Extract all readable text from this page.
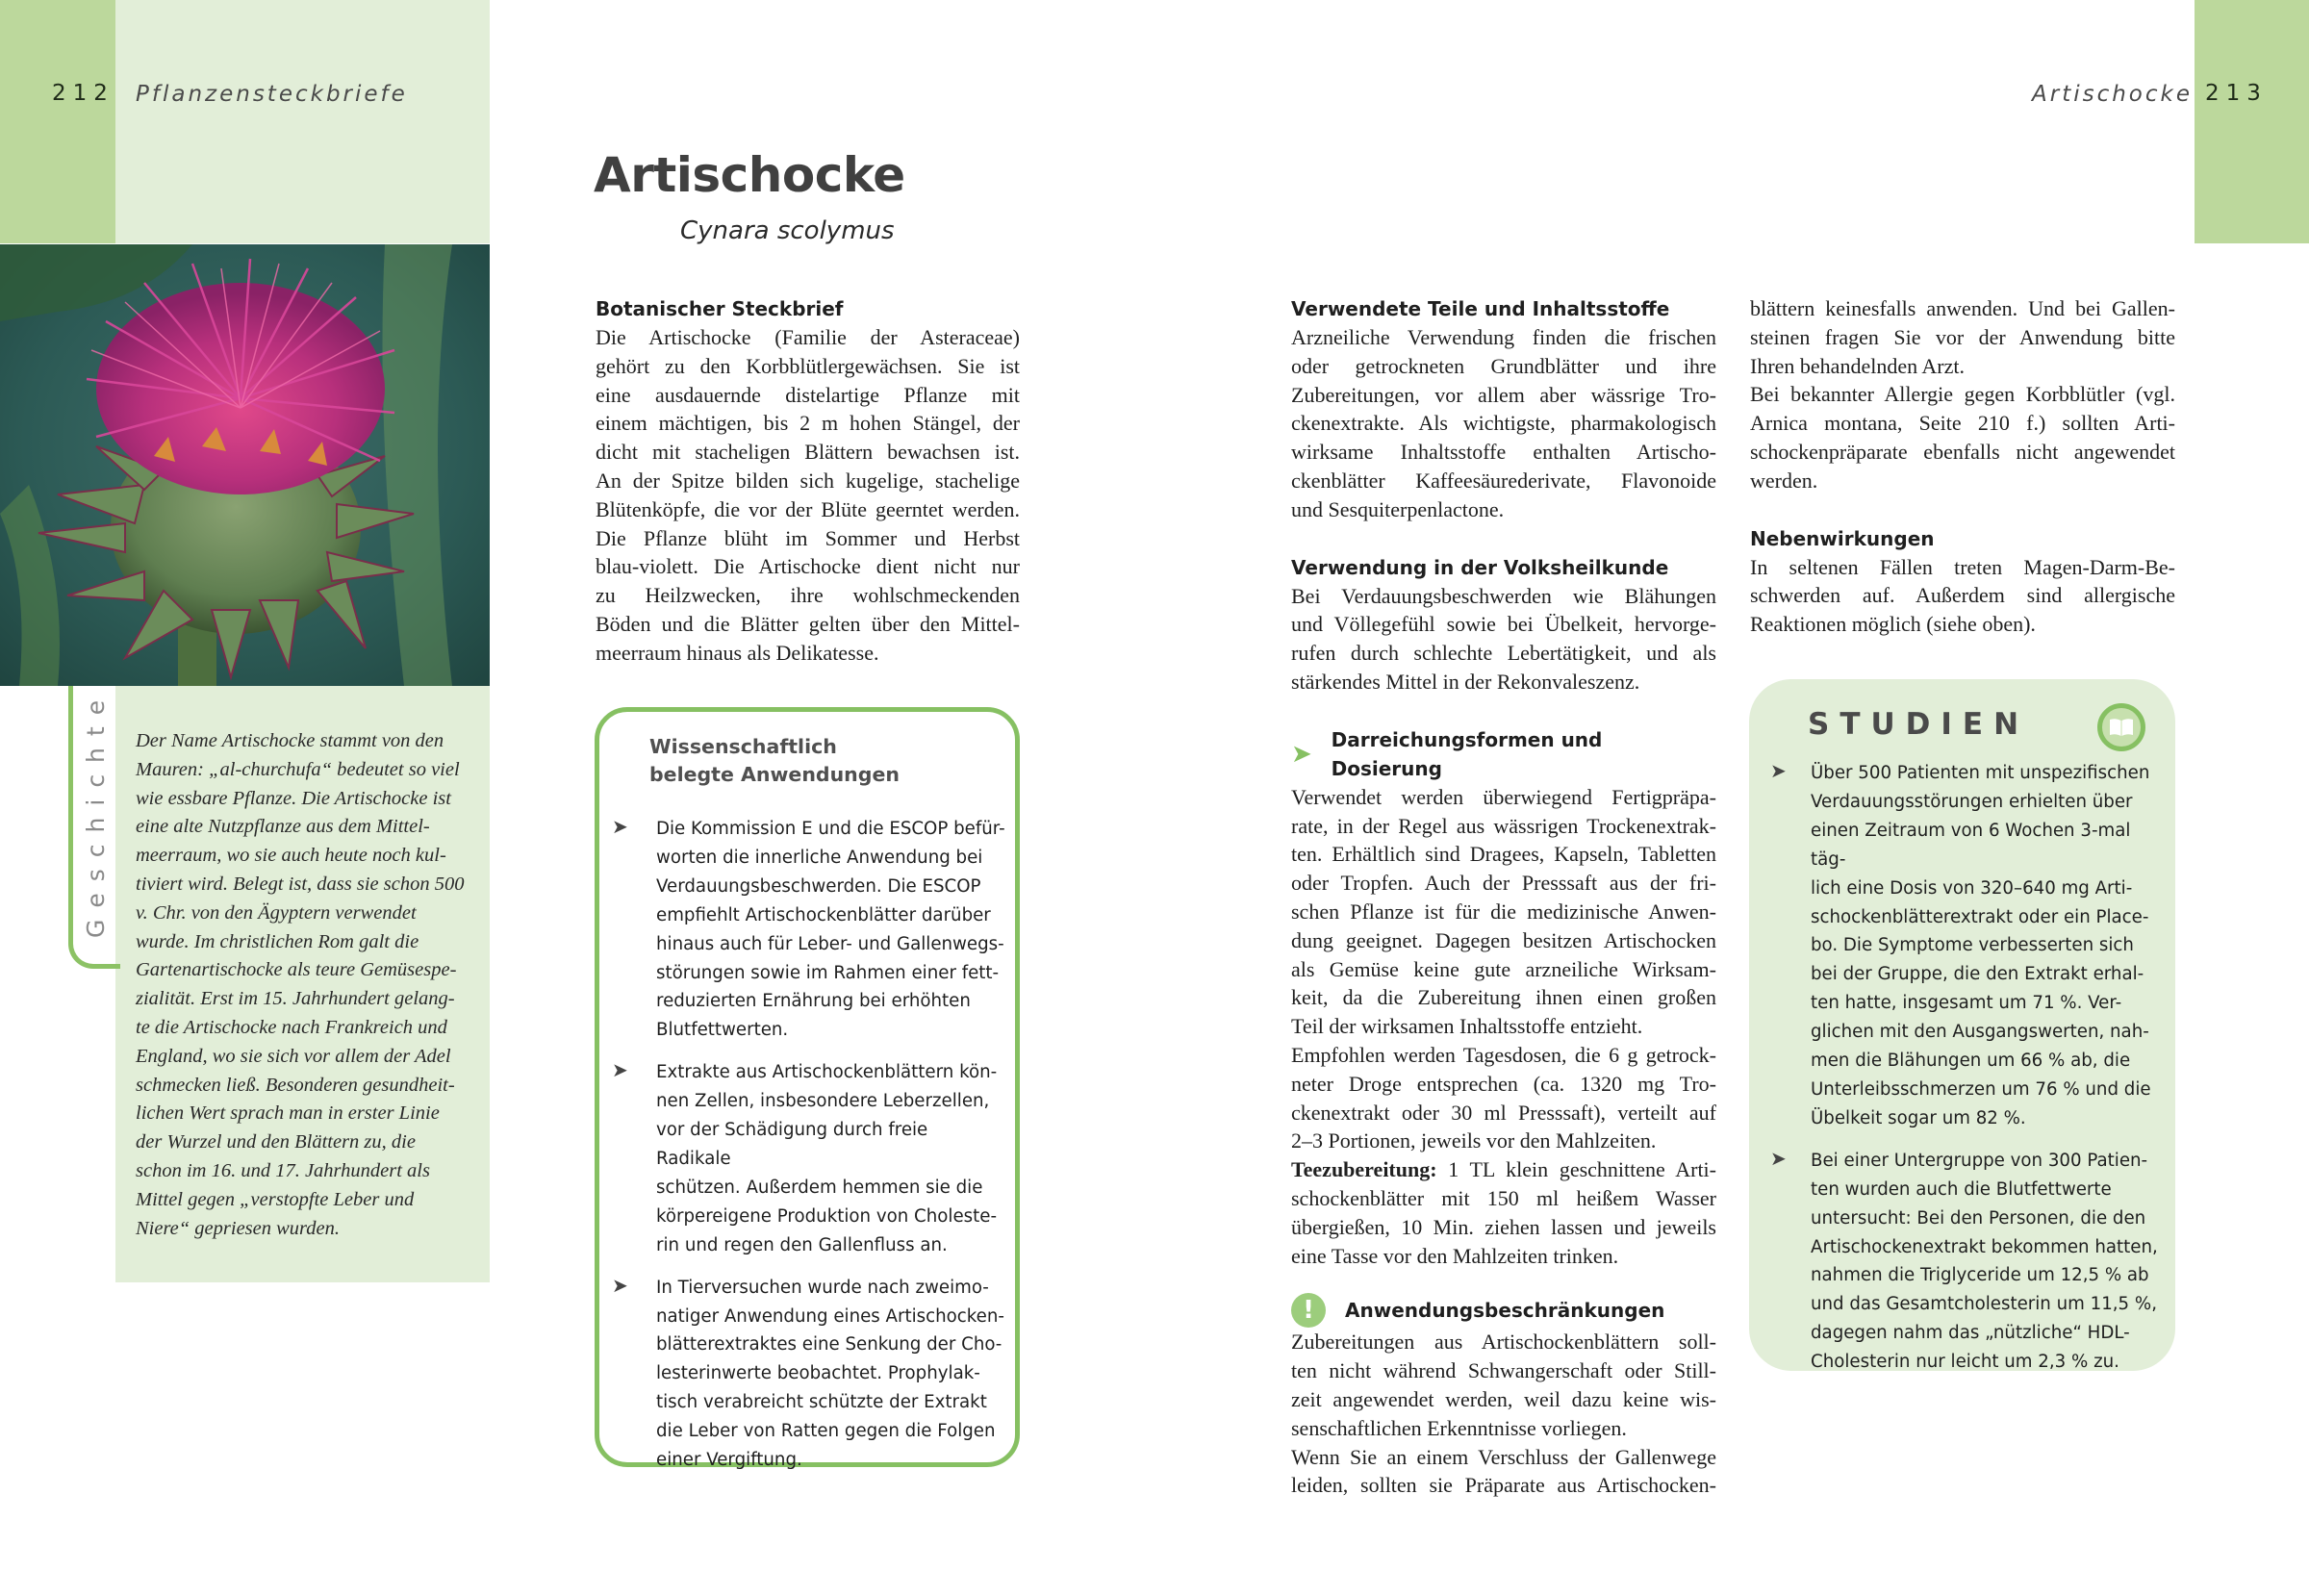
212 Pflanzensteckbriefe	Artischocke 213
Geschichte Der Name Artischocke stammt von den
Mauren: „al-churchufa“ bedeutet so viel
wie essbare Pflanze. Die Artischocke ist
eine alte Nutzpflanze aus dem Mittel-
meerraum, wo sie auch heute noch kul-
tiviert wird. Belegt ist, dass sie schon 500
v. Chr. von den Ägyptern verwendet
wurde. Im christlichen Rom galt die
Gartenartischocke als teure Gemüsespe-
zialität. Erst im 15. Jahrhundert gelang-
te die Artischocke nach Frankreich und
England, wo sie sich vor allem der Adel
schmecken ließ. Besonderen gesundheit-
lichen Wert sprach man in erster Linie
der Wurzel und den Blättern zu, die
schon im 16. und 17. Jahrhundert als
Mittel gegen „verstopfte Leber und
Niere“ gepriesen wurden.
Artischocke
Cynara scolymus
Botanischer Steckbrief
Die Artischocke (Familie der Asteraceae)
gehört zu den Korbblütlergewächsen. Sie ist
eine ausdauernde distelartige Pflanze mit
einem mächtigen, bis 2 m hohen Stängel, der
dicht mit stacheligen Blättern bewachsen ist.
An der Spitze bilden sich kugelige, stachelige
Blütenköpfe, die vor der Blüte geerntet werden.
Die Pflanze blüht im Sommer und Herbst
blau-violett. Die Artischocke dient nicht nur
zu Heilzwecken, ihre wohlschmeckenden
Böden und die Blätter gelten über den Mittel-
meerraum hinaus als Delikatesse.
Wissenschaftlich
belegte Anwendungen
➤ Die Kommission E und die ESCOP befür-
worten die innerliche Anwendung bei
Verdauungsbeschwerden. Die ESCOP
empfiehlt Artischockenblätter darüber
hinaus auch für Leber- und Gallenwegs-
störungen sowie im Rahmen einer fett-
reduzierten Ernährung bei erhöhten
Blutfettwerten.
➤ Extrakte aus Artischockenblättern kön-
nen Zellen, insbesondere Leberzellen,
vor der Schädigung durch freie Radikale
schützen. Außerdem hemmen sie die
körpereigene Produktion von Choleste-
rin und regen den Gallenfluss an.
➤ In Tierversuchen wurde nach zweimo-
natiger Anwendung eines Artischocken-
blätterextraktes eine Senkung der Cho-
lesterinwerte beobachtet. Prophylak-
tisch verabreicht schützte der Extrakt
die Leber von Ratten gegen die Folgen
einer Vergiftung.
Verwendete Teile und Inhaltsstoffe
Arzneiliche Verwendung finden die frischen
oder getrockneten Grundblätter und ihre
Zubereitungen, vor allem aber wässrige Tro-
ckenextrakte. Als wichtigste, pharmakologisch
wirksame Inhaltsstoffe enthalten Artischo-
ckenblätter Kaffeesäurederivate, Flavonoide
und Sesquiterpenlactone.
Verwendung in der Volksheilkunde
Bei Verdauungsbeschwerden wie Blähungen
und Völlegefühl sowie bei Übelkeit, hervorge-
rufen durch schlechte Lebertätigkeit, und als
stärkendes Mittel in der Rekonvaleszenz.
➤ Darreichungsformen und Dosierung
Verwendet werden überwiegend Fertigpräpa-
rate, in der Regel aus wässrigen Trockenextrak-
ten. Erhältlich sind Dragees, Kapseln, Tabletten
oder Tropfen. Auch der Presssaft aus der fri-
schen Pflanze ist für die medizinische Anwen-
dung geeignet. Dagegen besitzen Artischocken
als Gemüse keine gute arzneiliche Wirksam-
keit, da die Zubereitung ihnen einen großen
Teil der wirksamen Inhaltsstoffe entzieht.
Empfohlen werden Tagesdosen, die 6 g getrock-
neter Droge entsprechen (ca. 1320 mg Tro-
ckenextrakt oder 30 ml Presssaft), verteilt auf
2–3 Portionen, jeweils vor den Mahlzeiten.
Teezubereitung: 1 TL klein geschnittene Arti-
schockenblätter mit 150 ml heißem Wasser
übergießen, 10 Min. ziehen lassen und jeweils
eine Tasse vor den Mahlzeiten trinken.
!	Anwendungsbeschränkungen
Zubereitungen aus Artischockenblättern soll-
ten nicht während Schwangerschaft oder Still-
zeit angewendet werden, weil dazu keine wis-
senschaftlichen Erkenntnisse vorliegen.
Wenn Sie an einem Verschluss der Gallenwege
leiden, sollten sie Präparate aus Artischocken-
blättern keinesfalls anwenden. Und bei Gallen-
steinen fragen Sie vor der Anwendung bitte
Ihren behandelnden Arzt.
Bei bekannter Allergie gegen Korbblütler (vgl.
Arnica montana, Seite 210 f.) sollten Arti-
schockenpräparate ebenfalls nicht angewendet
werden.
Nebenwirkungen
In seltenen Fällen treten Magen-Darm-Be-
schwerden auf. Außerdem sind allergische
Reaktionen möglich (siehe oben).
STUDIEN
➤ Über 500 Patienten mit unspezifischen
Verdauungsstörungen erhielten über
einen Zeitraum von 6 Wochen 3-mal täg-
lich eine Dosis von 320–640 mg Arti-
schockenblätterextrakt oder ein Place-
bo. Die Symptome verbesserten sich
bei der Gruppe, die den Extrakt erhal-
ten hatte, insgesamt um 71 %. Ver-
glichen mit den Ausgangswerten, nah-
men die Blähungen um 66 % ab, die
Unterleibsschmerzen um 76 % und die
Übelkeit sogar um 82 %.
➤ Bei einer Untergruppe von 300 Patien-
ten wurden auch die Blutfettwerte
untersucht: Bei den Personen, die den
Artischockenextrakt bekommen hatten,
nahmen die Triglyceride um 12,5 % ab
und das Gesamtcholesterin um 11,5 %,
dagegen nahm das „nützliche“ HDL-
Cholesterin nur leicht um 2,3 % zu.
